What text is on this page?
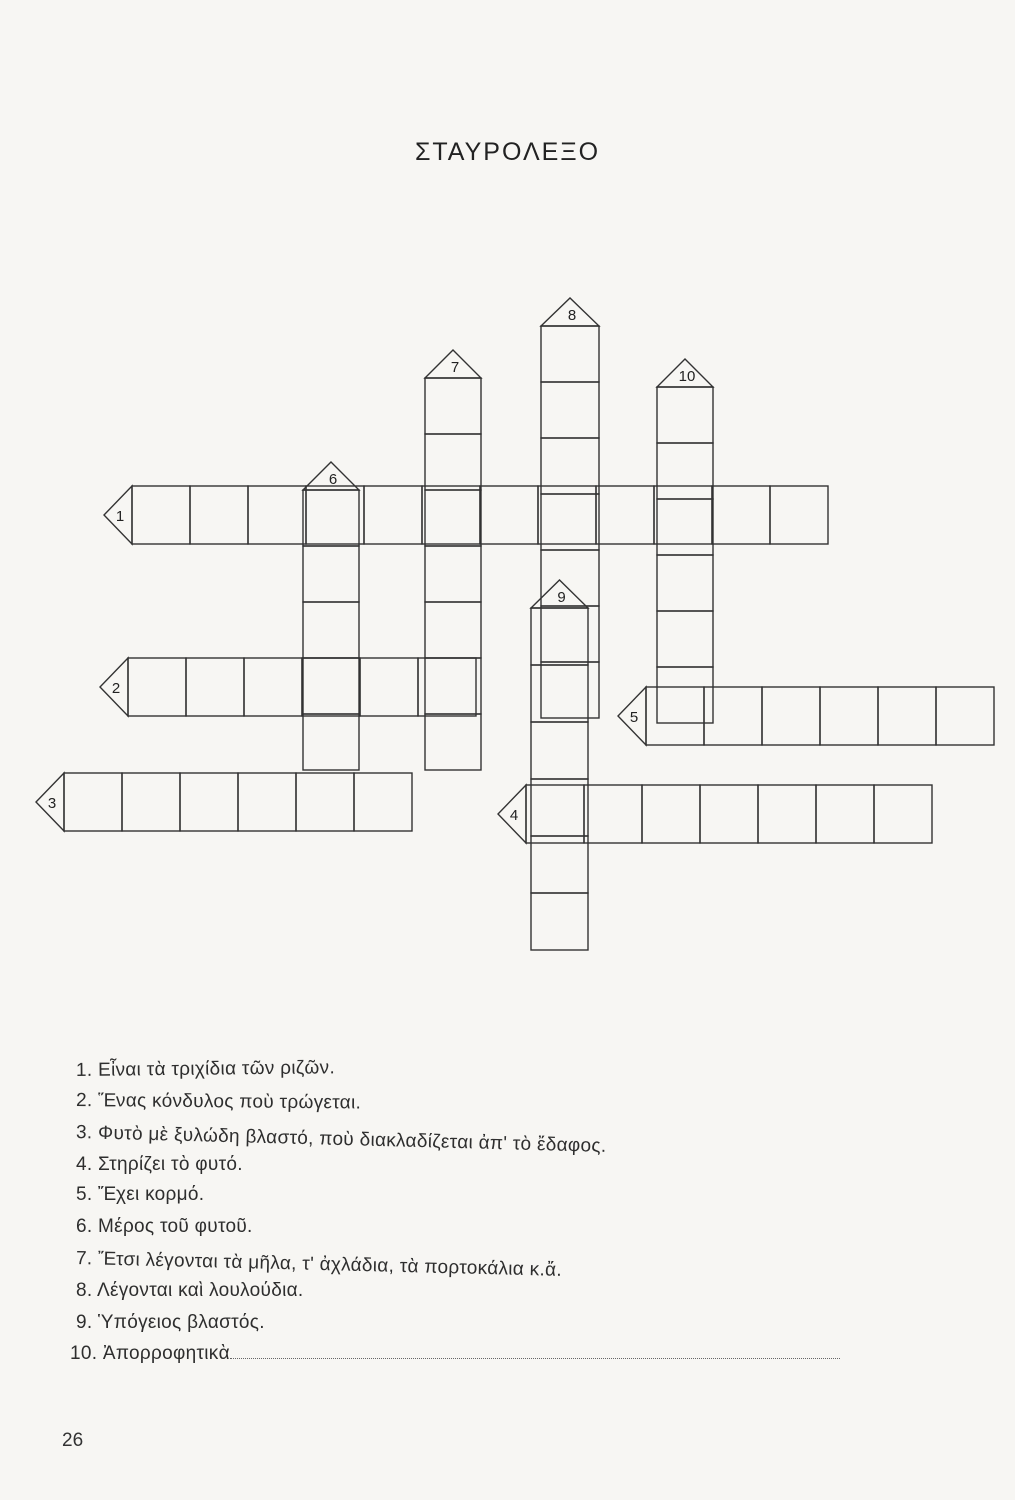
ΣΤΑΥΡΟΛΕΞΟ
1
2
3
4
5
6
7
8
9
10
1. Εἶναι τὰ τριχίδια τῶν ριζῶν.
2. Ἕνας κόνδυλος ποὺ τρώγεται.
3. Φυτὸ μὲ ξυλώδη βλαστό, ποὺ διακλαδίζεται ἀπ' τὸ ἔδαφος.
4. Στηρίζει τὸ φυτό.
5. Ἔχει κορμό.
6. Μέρος τοῦ φυτοῦ.
7. Ἔτσι λέγονται τὰ μῆλα, τ' ἀχλάδια, τὰ πορτοκάλια κ.ἄ.
8. Λέγονται καὶ λουλούδια.
9. Ὑπόγειος βλαστός.
10. Ἀπορροφητικὰ
26
